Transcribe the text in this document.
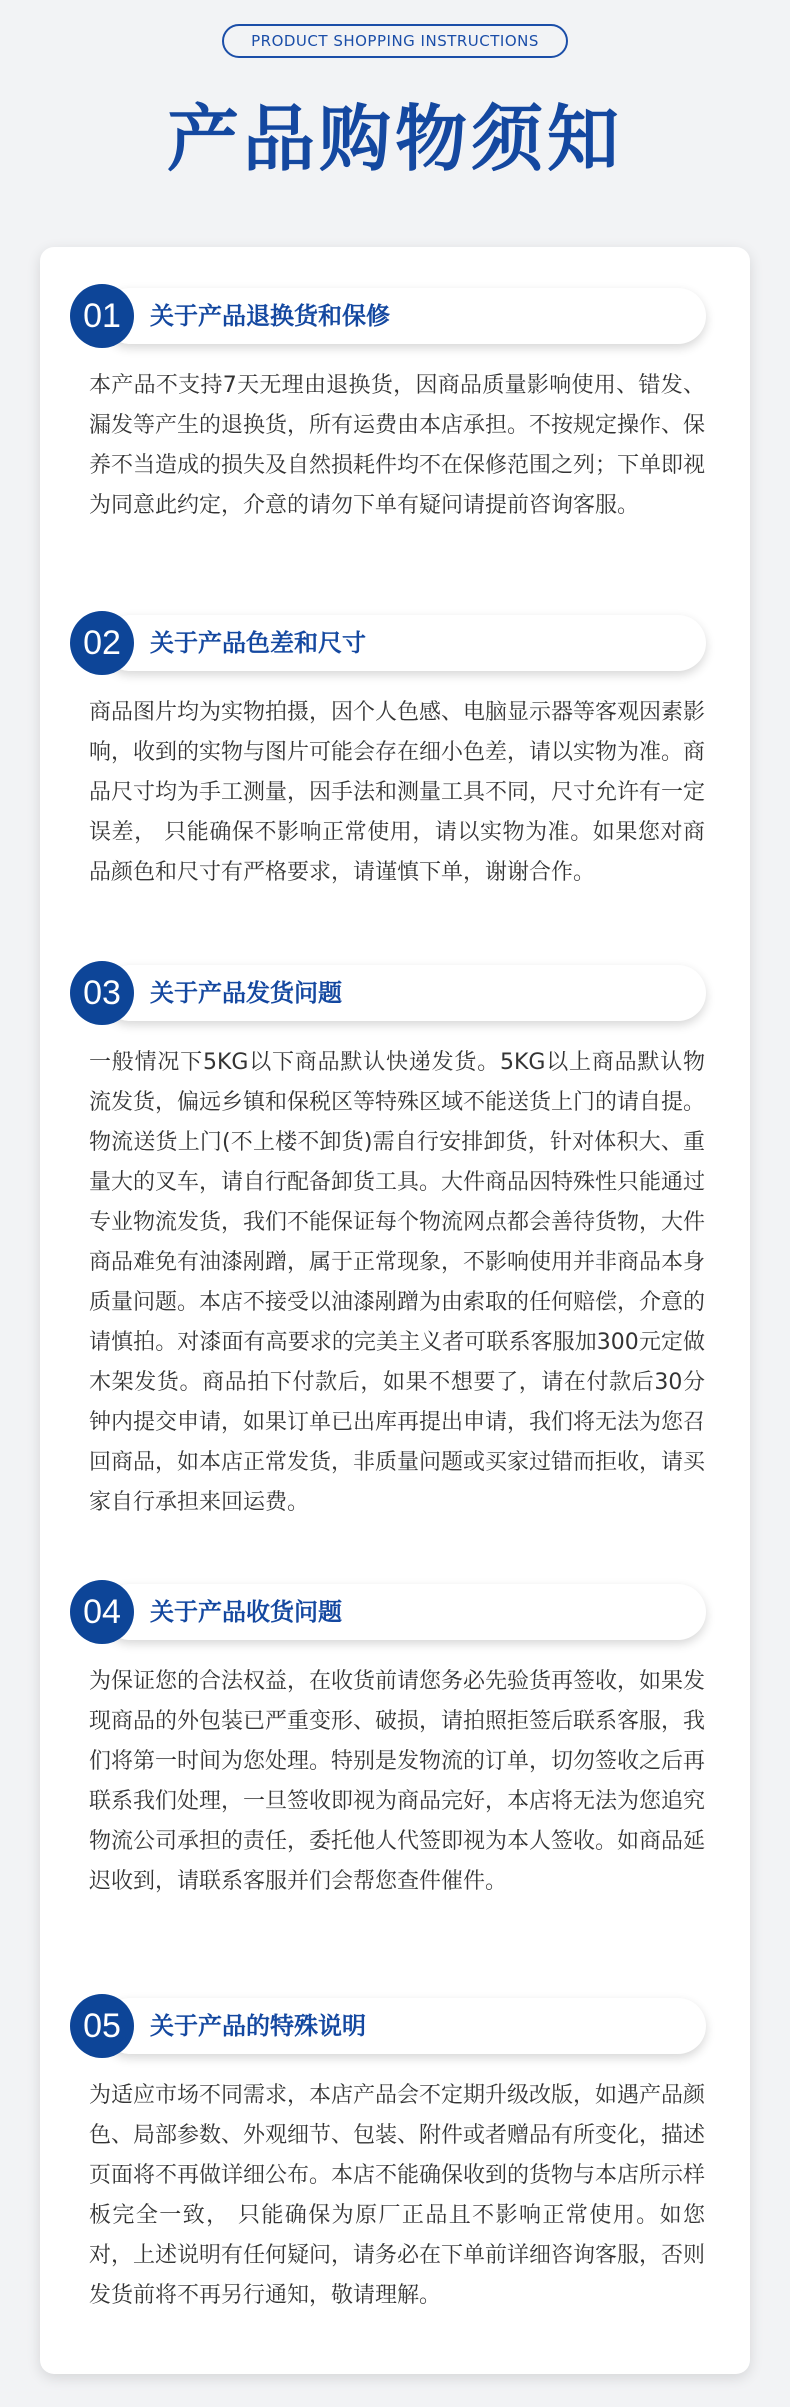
PRODUCT SHOPPING INSTRUCTIONS
产品购物须知
01	关于产品退换货和保修

本产品不支持7天无理由退换货，因商品质量影响使用、错发、漏发等产生的退换货，所有运费由本店承担。不按规定操作、保养不当造成的损失及自然损耗件均不在保修范围之列；下单即视为同意此约定，介意的请勿下单有疑问请提前咨询客服。

02	关于产品色差和尺寸

商品图片均为实物拍摄，因个人色感、电脑显示器等客观因素影响，收到的实物与图片可能会存在细小色差，请以实物为准。商品尺寸均为手工测量，因手法和测量工具不同，尺寸允许有一定误差， 只能确保不影响正常使用，请以实物为准。如果您对商品颜色和尺寸有严格要求，请谨慎下单，谢谢合作。

03	关于产品发货问题

一般情况下5KG以下商品默认快递发货。5KG以上商品默认物流发货，偏远乡镇和保税区等特殊区域不能送货上门的请自提。物流送货上门(不上楼不卸货)需自行安排卸货，针对体积大、重量大的叉车，请自行配备卸货工具。大件商品因特殊性只能通过专业物流发货，我们不能保证每个物流网点都会善待货物，大件商品难免有油漆剐蹭，属于正常现象，不影响使用并非商品本身质量问题。本店不接受以油漆剐蹭为由索取的任何赔偿，介意的请慎拍。对漆面有高要求的完美主义者可联系客服加300元定做木架发货。商品拍下付款后，如果不想要了，请在付款后30分钟内提交申请，如果订单已出库再提出申请，我们将无法为您召回商品，如本店正常发货，非质量问题或买家过错而拒收，请买家自行承担来回运费。

04	关于产品收货问题

为保证您的合法权益，在收货前请您务必先验货再签收，如果发现商品的外包装已严重变形、破损，请拍照拒签后联系客服，我们将第一时间为您处理。特别是发物流的订单，切勿签收之后再联系我们处理，一旦签收即视为商品完好，本店将无法为您追究物流公司承担的责任，委托他人代签即视为本人签收。如商品延迟收到，请联系客服并们会帮您查件催件。

05	关于产品的特殊说明

为适应市场不同需求，本店产品会不定期升级改版，如遇产品颜色、局部参数、外观细节、包装、附件或者赠品有所变化，描述页面将不再做详细公布。本店不能确保收到的货物与本店所示样板完全一致， 只能确保为原厂正品且不影响正常使用。如您对，上述说明有任何疑问，请务必在下单前详细咨询客服，否则发货前将不再另行通知，敬请理解。
